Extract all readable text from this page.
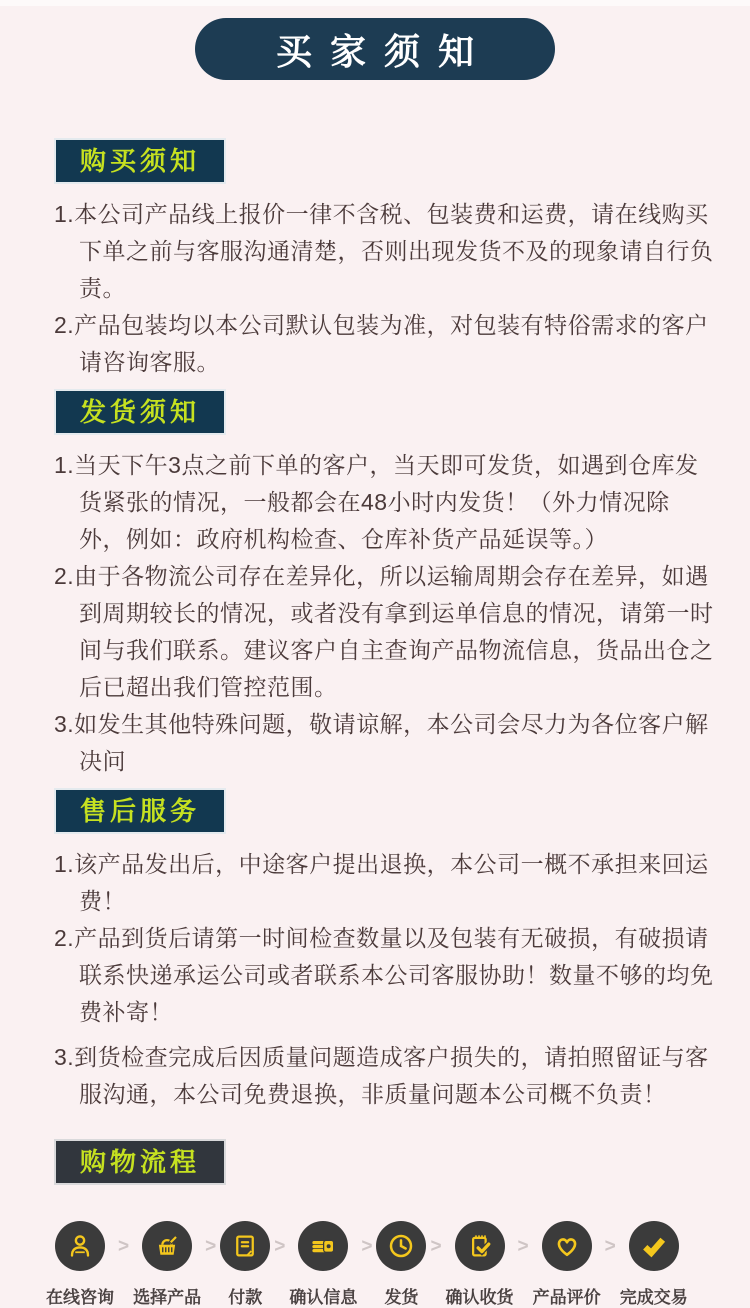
买家须知
购买须知

1.本公司产品线上报价一律不含税、包装费和运费，请在线购买下单之前与客服沟通清楚，否则出现发货不及的现象请自行负责。

2.产品包装均以本公司默认包装为准，对包装有特俗需求的客户请咨询客服。

发货须知

1.当天下午3点之前下单的客户，当天即可发货，如遇到仓库发货紧张的情况，一般都会在48小时内发货！（外力情况除外，例如：政府机构检查、仓库补货产品延误等。）

2.由于各物流公司存在差异化，所以运输周期会存在差异，如遇到周期较长的情况，或者没有拿到运单信息的情况，请第一时间与我们联系。建议客户自主查询产品物流信息，货品出仓之后已超出我们管控范围。

3.如发生其他特殊问题，敬请谅解，本公司会尽力为各位客户解决问

售后服务

1.该产品发出后，中途客户提出退换，本公司一概不承担来回运费！

2.产品到货后请第一时间检查数量以及包装有无破损，有破损请联系快递承运公司或者联系本公司客服协助！数量不够的均免费补寄！

3.到货检查完成后因质量问题造成客户损失的，请拍照留证与客服沟通，本公司免费退换，非质量问题本公司概不负责！

购物流程
在线咨询
>
选择产品
>
付款
>
确认信息
>
发货
>
确认收货
>
产品评价
>
完成交易
